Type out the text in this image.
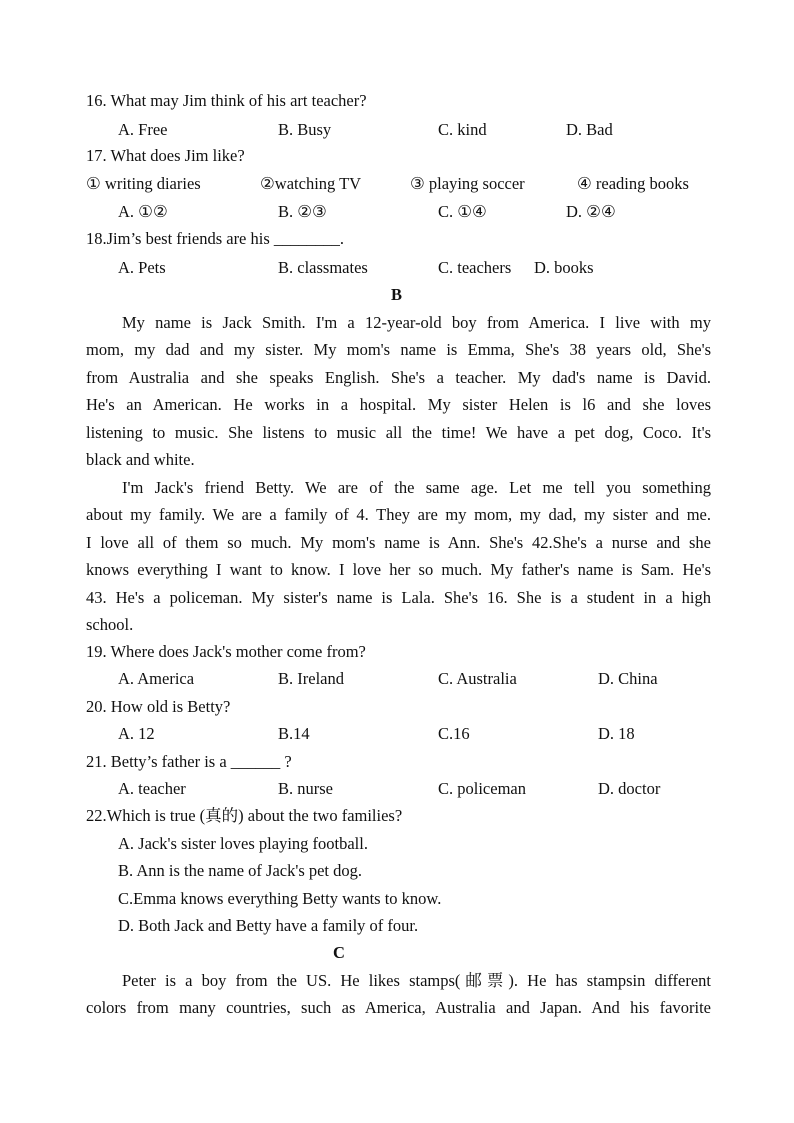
16. What may Jim think of his art teacher?
A. Free	B. Busy	C. kind	D. Bad
17. What does Jim like?
① writing diaries	②watching TV	③ playing soccer	④ reading books
A. ①②	B. ②③	C. ①④	D. ②④
18.Jim’s best friends are his ________.
A. Pets	B. classmates	C. teachers D. books
B
My name is Jack Smith. I'm a 12-year-old boy from America. I live with my
mom, my dad and my sister. My mom's name is Emma, She's 38 years old, She's
from Australia and she speaks English. She's a teacher. My dad's name is David.
He's an American. He works in a hospital. My sister Helen is l6 and she loves
listening to music. She listens to music all the time! We have a pet dog, Coco. It's
black and white.
I'm Jack's friend Betty. We are of the same age. Let me tell you something
about my family. We are a family of 4. They are my mom, my dad, my sister and me.
I love all of them so much. My mom's name is Ann. She's 42.She's a nurse and she
knows everything I want to know. I love her so much. My father's name is Sam. He's
43. He's a policeman. My sister's name is Lala. She's 16. She is a student in a high
school.
19. Where does Jack's mother come from?
A. America	B. Ireland	C. Australia	D. China
20. How old is Betty?
A. 12	B.14	C.16	D. 18
21. Betty’s father is a ______ ?
A. teacher	B. nurse	C. policeman	D. doctor
22.Which is true (真的) about the two families?
A. Jack's sister loves playing football.
B. Ann is the name of Jack's pet dog.
C.Emma knows everything Betty wants to know.
D. Both Jack and Betty have a family of four.
C
Peter is a boy from the US. He likes stamps(邮票). He has stampsin different
colors from many countries, such as America, Australia and Japan. And his favorite
